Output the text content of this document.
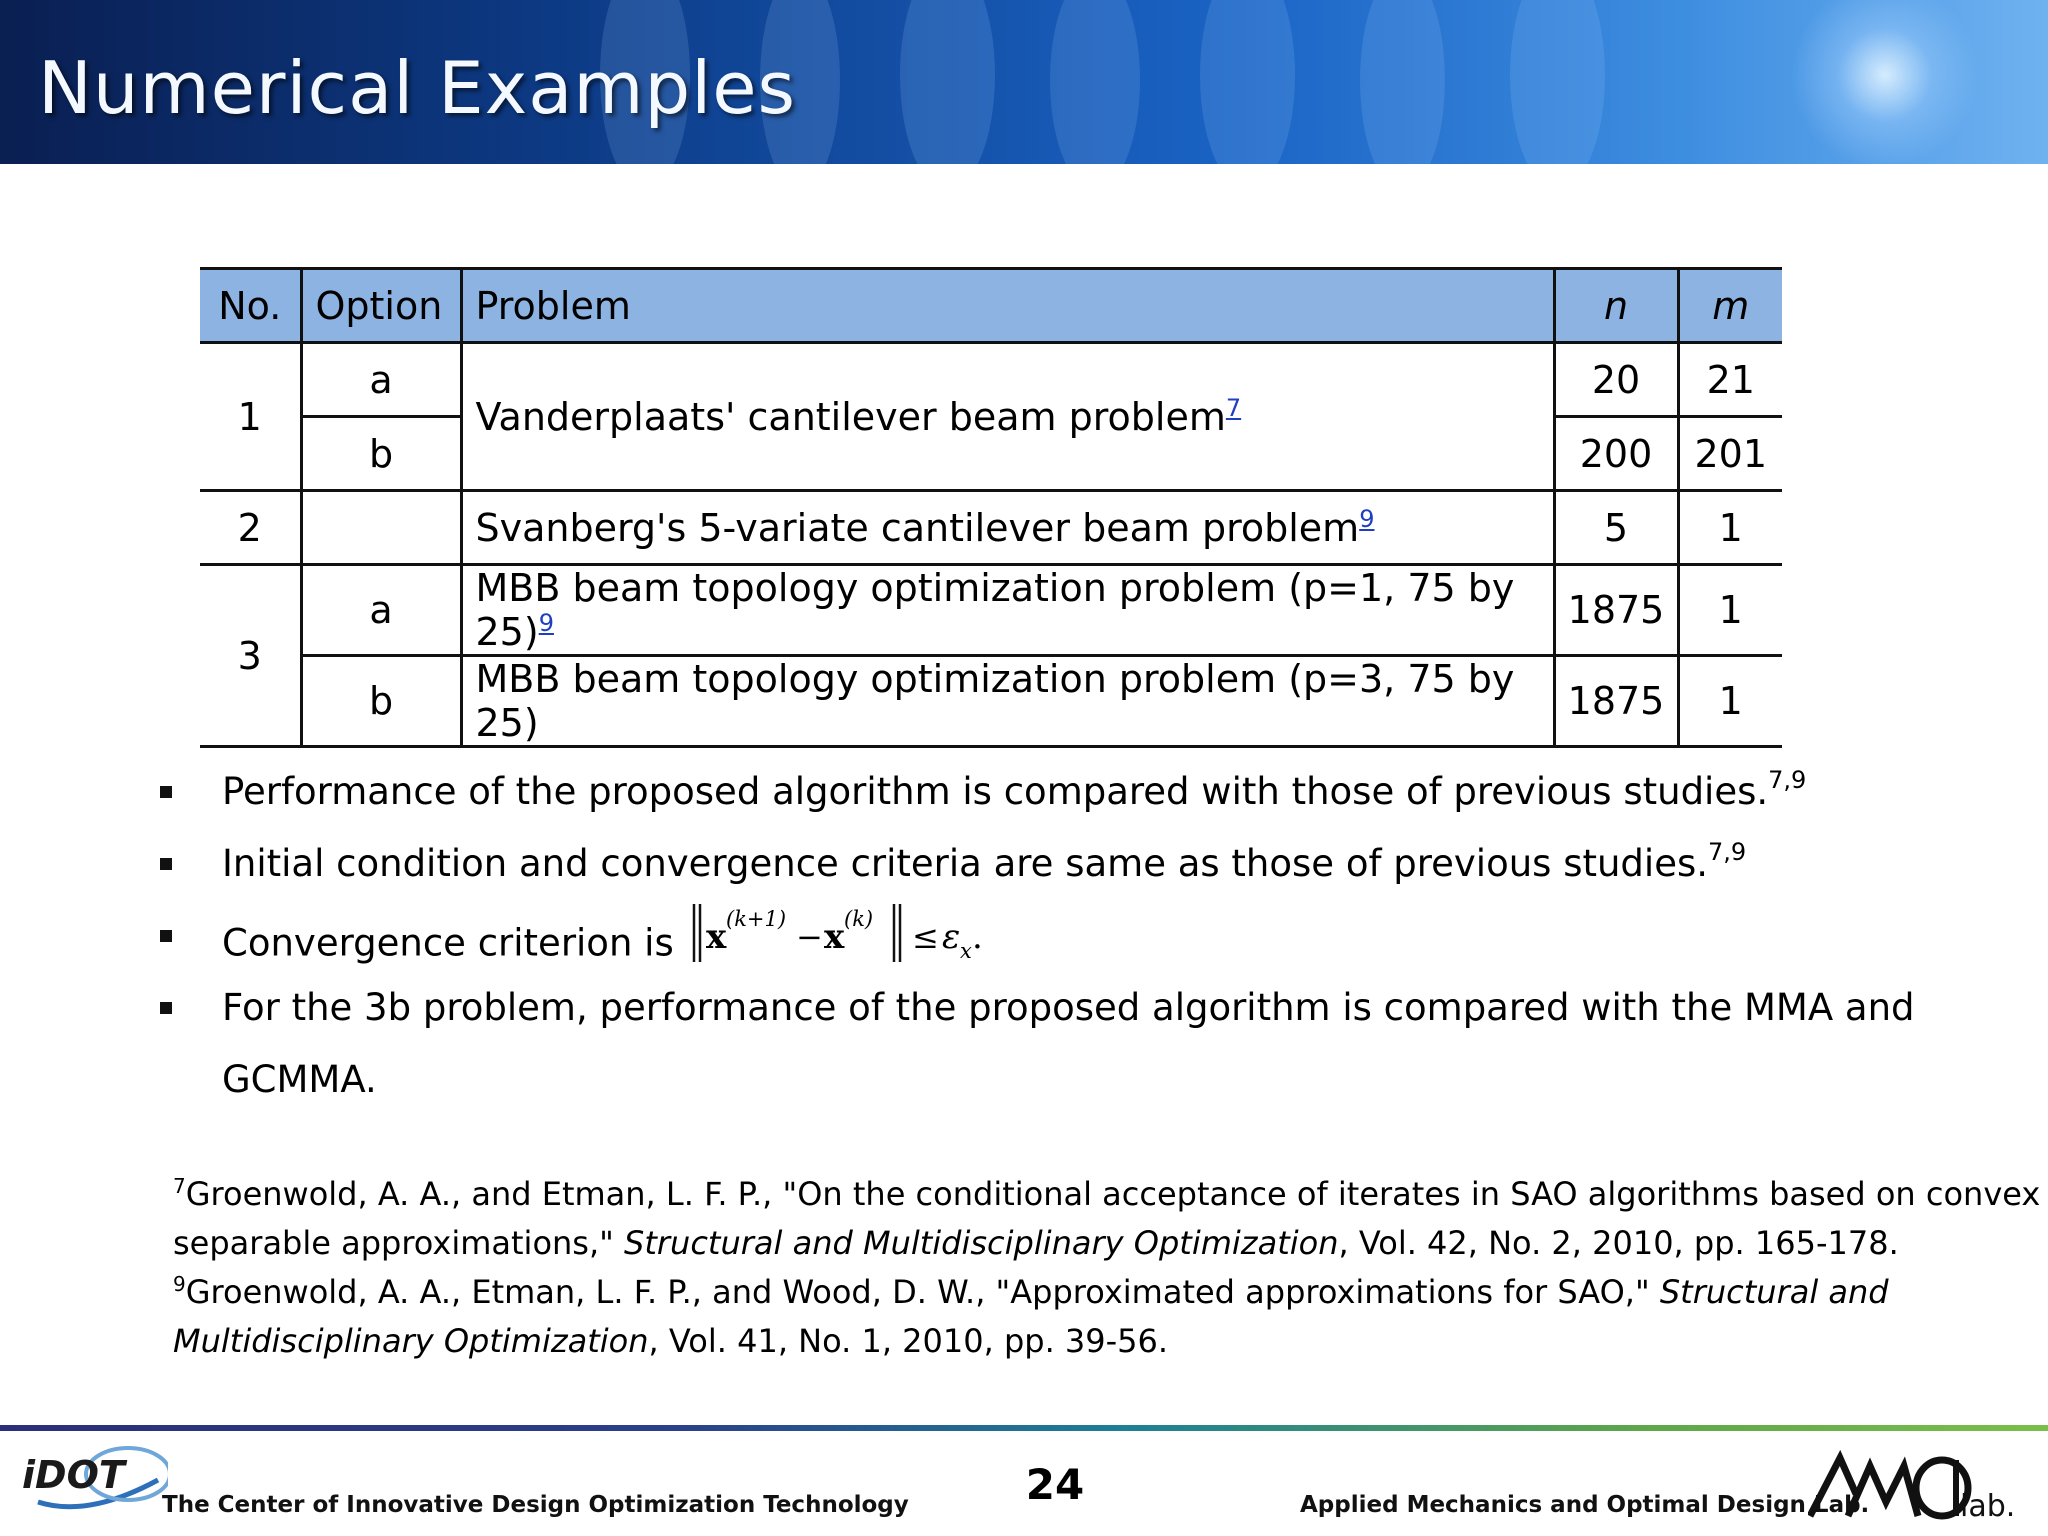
Numerical Examples
No.	Option	Problem	n	m
1	a	Vanderplaats' cantilever beam problem$^7$	20	21
	b		200	201
2		Svanberg's 5-variate cantilever beam problem$^9$	5	1
3	a	MBB beam topology optimization problem (p=1, 75 by 25)$^9$	1875	1
	b	MBB beam topology optimization problem (p=3, 75 by 25)	1875	1
Performance of the proposed algorithm is compared with those of previous studies.$^{7,9}$
Initial condition and convergence criteria are same as those of previous studies.$^{7,9}$
Convergence criterion is x (k+1) − x (k) ≤ ε x .
For the 3b problem, performance of the proposed algorithm is compared with the MMA and
GCMMA.
$^7$Groenwold, A. A., and Etman, L. F. P., "On the conditional acceptance of iterates in SAO algorithms based on convex
separable approximations," Structural and Multidisciplinary Optimization, Vol. 42, No. 2, 2010, pp. 165-178.
$^9$Groenwold, A. A., Etman, L. F. P., and Wood, D. W., "Approximated approximations for SAO," Structural and
Multidisciplinary Optimization, Vol. 41, No. 1, 2010, pp. 39-56.
iDOT
The Center of Innovative Design Optimization Technology	24	Applied Mechanics and Optimal Design Lab.	lab.
